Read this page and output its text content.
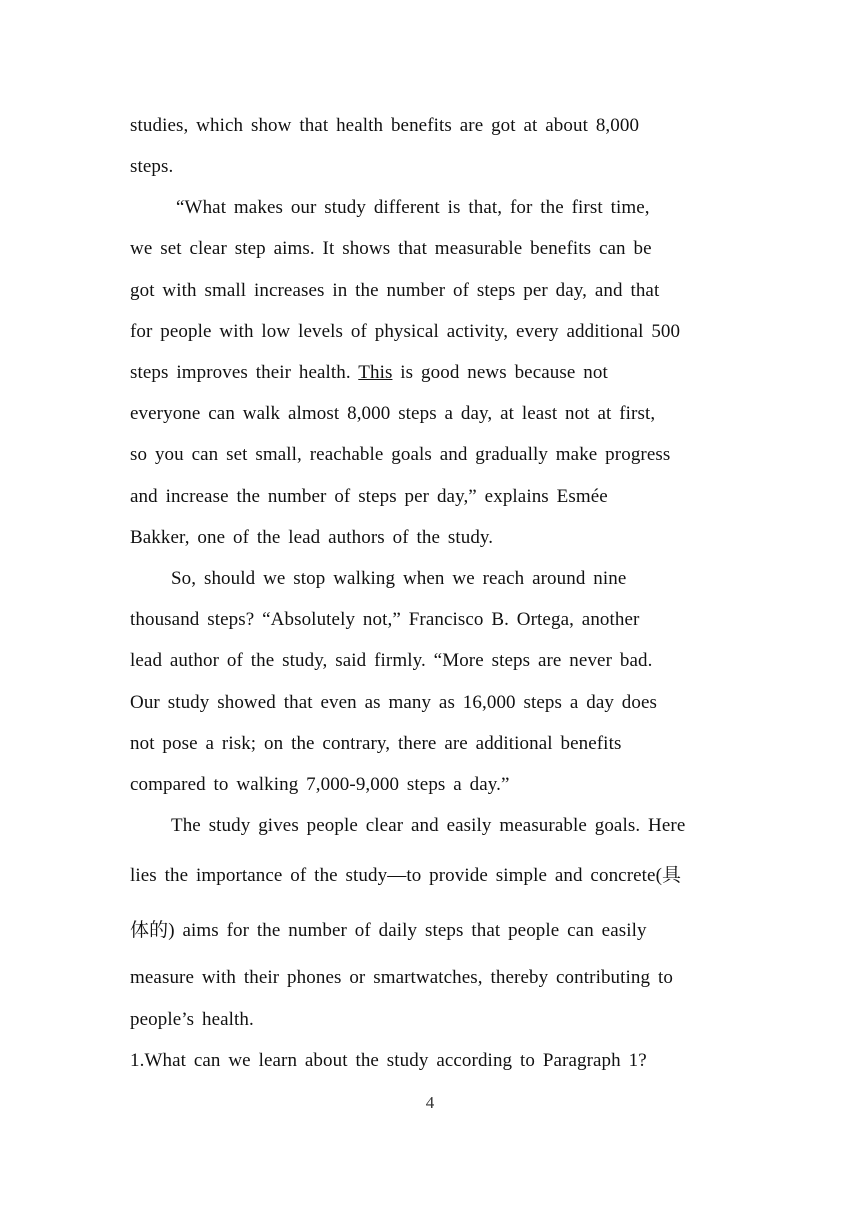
studies, which show that health benefits are got at about 8,000
steps.
“What makes our study different is that, for the first time,
we set clear step aims. It shows that measurable benefits can be
got with small increases in the number of steps per day, and that
for people with low levels of physical activity, every additional 500
steps improves their health. This is good news because not
everyone can walk almost 8,000 steps a day, at least not at first,
so you can set small, reachable goals and gradually make progress
and increase the number of steps per day,” explains Esmée
Bakker, one of the lead authors of the study.
So, should we stop walking when we reach around nine
thousand steps? “Absolutely not,” Francisco B. Ortega, another
lead author of the study, said firmly. “More steps are never bad.
Our study showed that even as many as 16,000 steps a day does
not pose a risk; on the contrary, there are additional benefits
compared to walking 7,000-9,000 steps a day.”
The study gives people clear and easily measurable goals. Here
lies the importance of the study—to provide simple and concrete(具
体的) aims for the number of daily steps that people can easily
measure with their phones or smartwatches, thereby contributing to
people’s health.
1.What can we learn about the study according to Paragraph 1?
4
